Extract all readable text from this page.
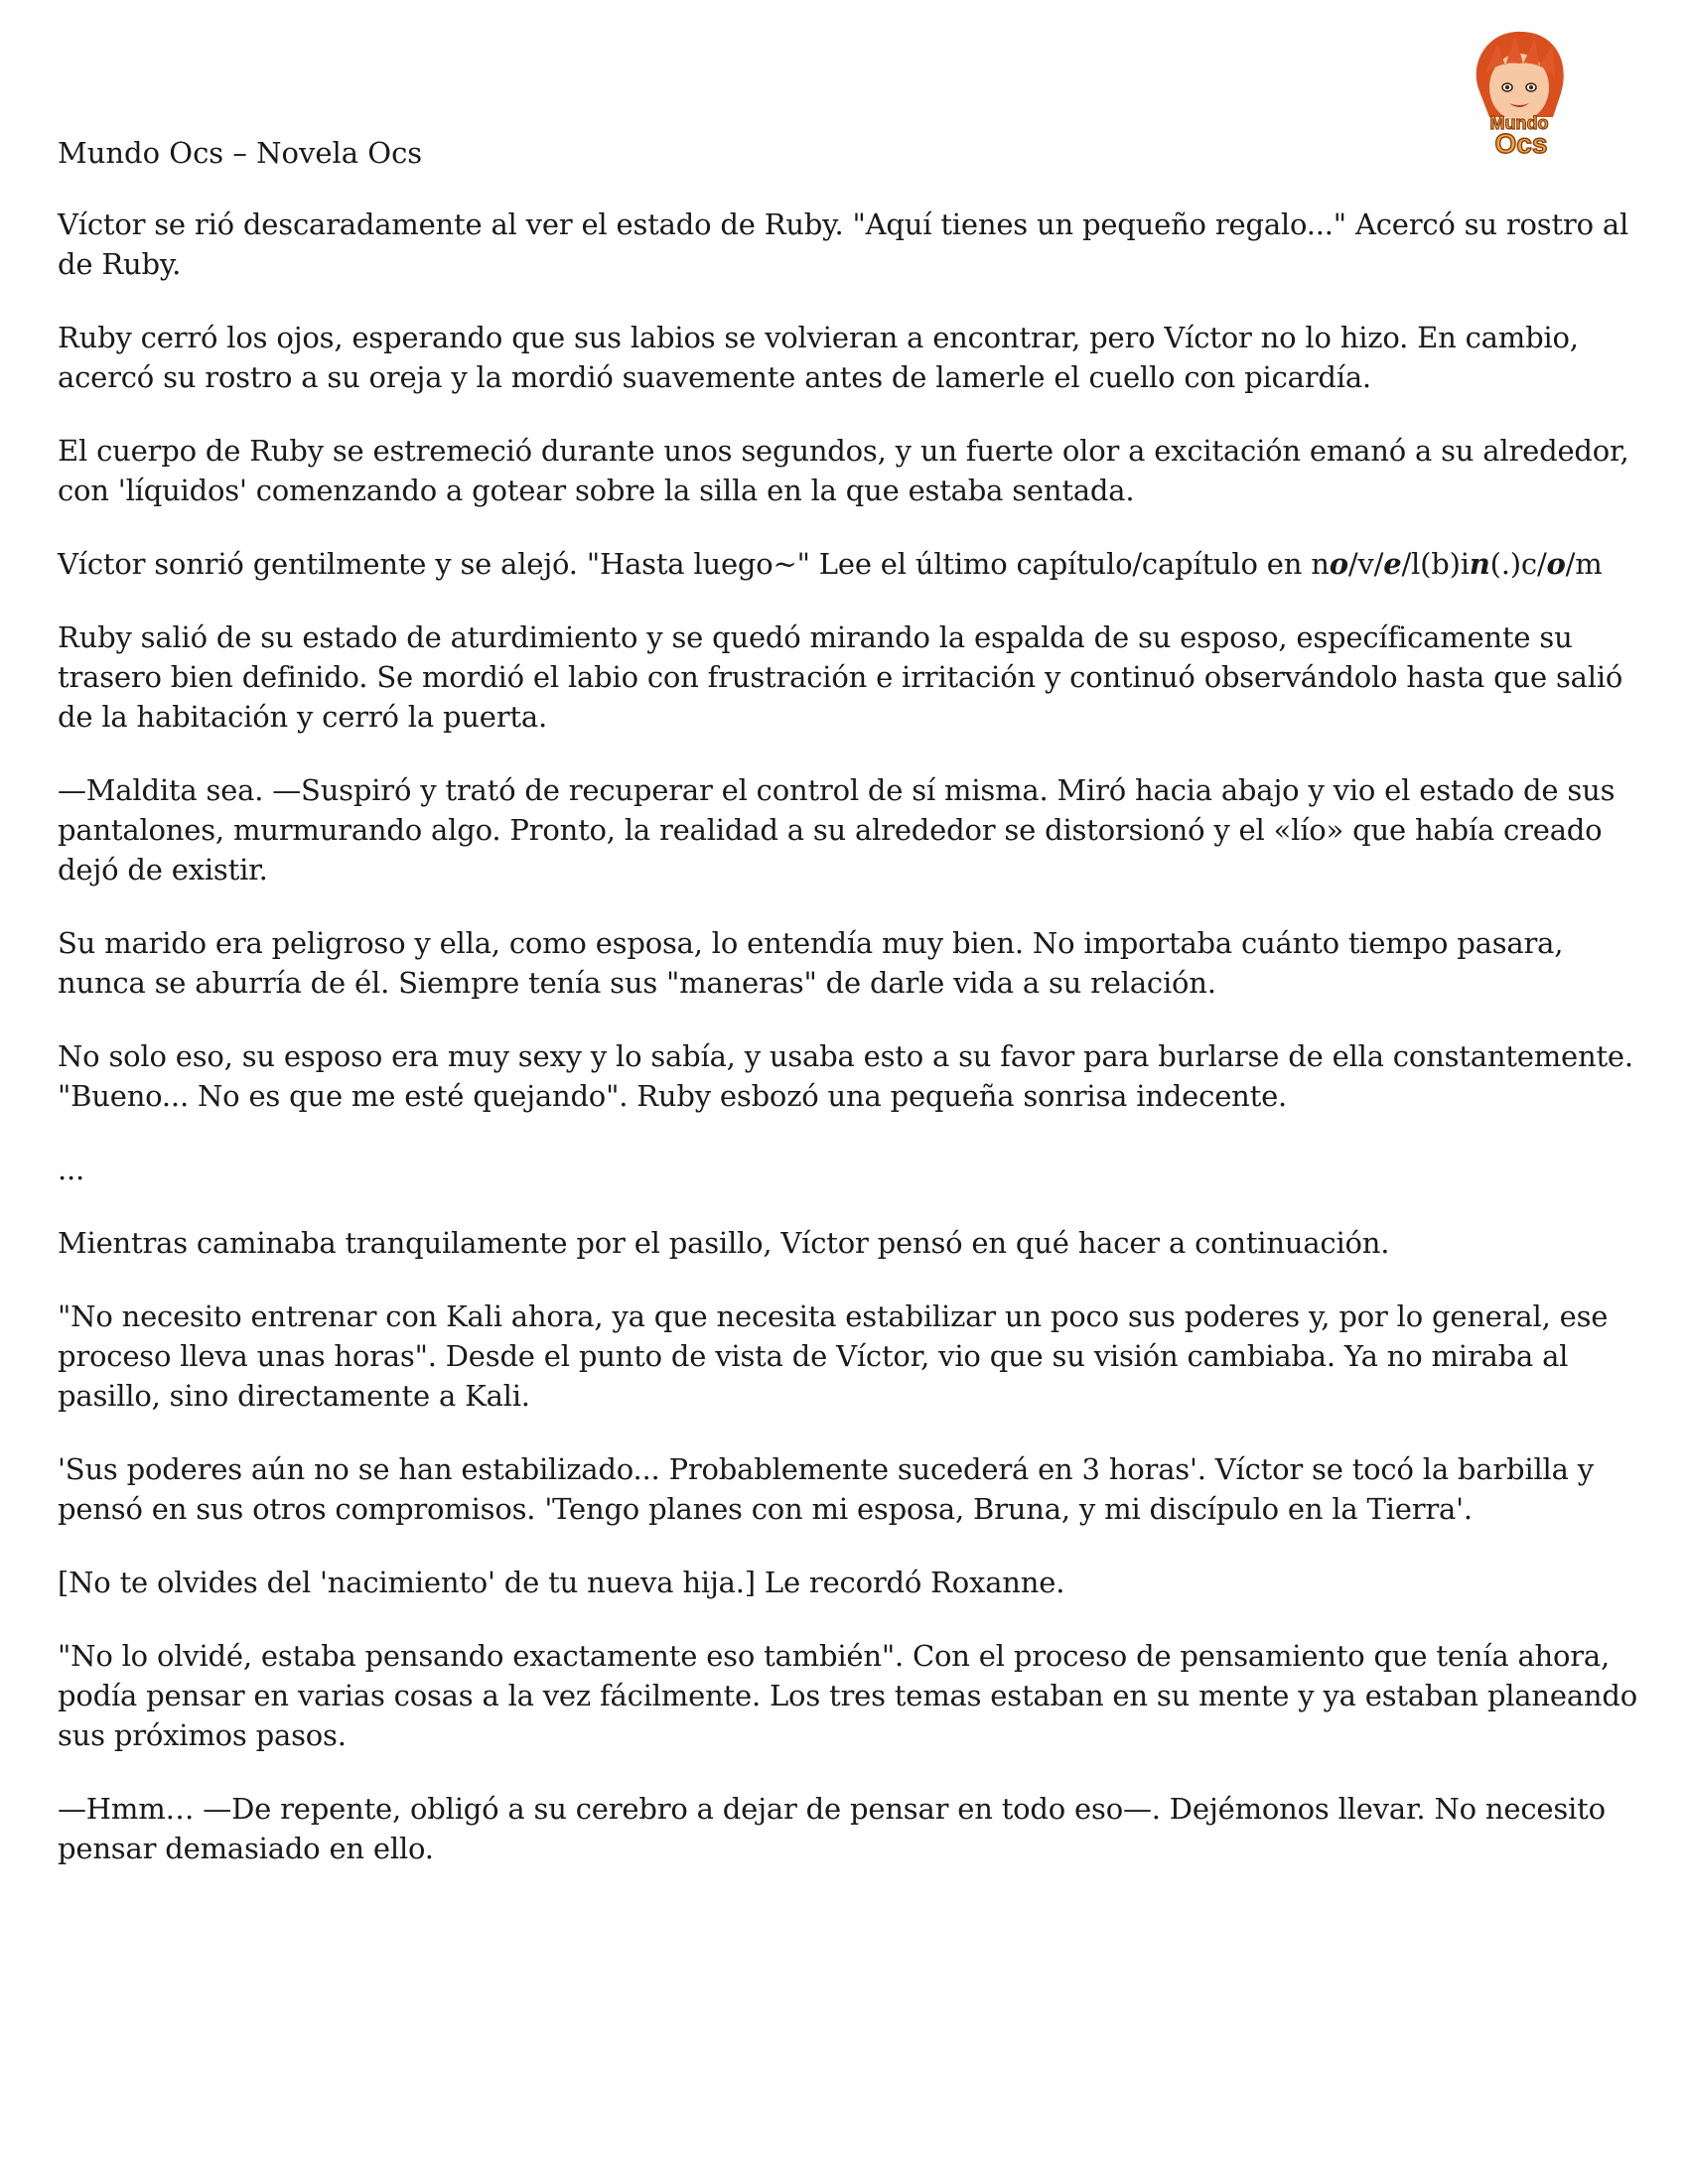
Mundo
Ocs

Mundo Ocs – Novela Ocs

Víctor se rió descaradamente al ver el estado de Ruby. "Aquí tienes un pequeño regalo..." Acercó su rostro al de Ruby.

Ruby cerró los ojos, esperando que sus labios se volvieran a encontrar, pero Víctor no lo hizo. En cambio, acercó su rostro a su oreja y la mordió suavemente antes de lamerle el cuello con picardía.

El cuerpo de Ruby se estremeció durante unos segundos, y un fuerte olor a excitación emanó a su alrededor, con 'líquidos' comenzando a gotear sobre la silla en la que estaba sentada.

Víctor sonrió gentilmente y se alejó. "Hasta luego~" Lee el último capítulo/capítulo en no/v/e/l(b)in(.)c/o/m

Ruby salió de su estado de aturdimiento y se quedó mirando la espalda de su esposo, específicamente su trasero bien definido. Se mordió el labio con frustración e irritación y continuó observándolo hasta que salió de la habitación y cerró la puerta.

—Maldita sea. —Suspiró y trató de recuperar el control de sí misma. Miró hacia abajo y vio el estado de sus pantalones, murmurando algo. Pronto, la realidad a su alrededor se distorsionó y el «lío» que había creado dejó de existir.

Su marido era peligroso y ella, como esposa, lo entendía muy bien. No importaba cuánto tiempo pasara, nunca se aburría de él. Siempre tenía sus "maneras" de darle vida a su relación.

No solo eso, su esposo era muy sexy y lo sabía, y usaba esto a su favor para burlarse de ella constantemente. "Bueno... No es que me esté quejando". Ruby esbozó una pequeña sonrisa indecente.

...

Mientras caminaba tranquilamente por el pasillo, Víctor pensó en qué hacer a continuación.

"No necesito entrenar con Kali ahora, ya que necesita estabilizar un poco sus poderes y, por lo general, ese proceso lleva unas horas". Desde el punto de vista de Víctor, vio que su visión cambiaba. Ya no miraba al pasillo, sino directamente a Kali.

'Sus poderes aún no se han estabilizado... Probablemente sucederá en 3 horas'. Víctor se tocó la barbilla y pensó en sus otros compromisos. 'Tengo planes con mi esposa, Bruna, y mi discípulo en la Tierra'.

[No te olvides del 'nacimiento' de tu nueva hija.] Le recordó Roxanne.

"No lo olvidé, estaba pensando exactamente eso también". Con el proceso de pensamiento que tenía ahora, podía pensar en varias cosas a la vez fácilmente. Los tres temas estaban en su mente y ya estaban planeando sus próximos pasos.

—Hmm… —De repente, obligó a su cerebro a dejar de pensar en todo eso—. Dejémonos llevar. No necesito pensar demasiado en ello.
